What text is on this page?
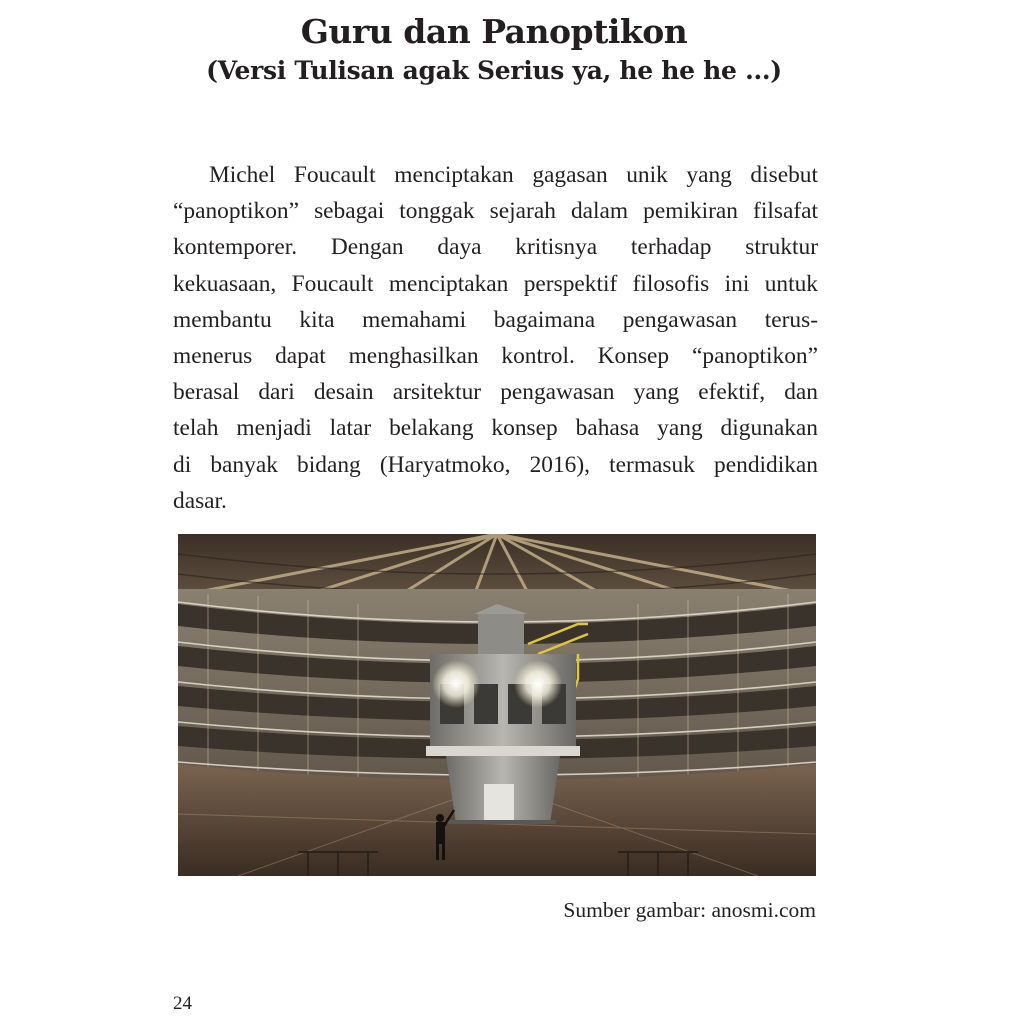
Guru dan Panoptikon
(Versi Tulisan agak Serius ya, he he he ...)
Michel Foucault menciptakan gagasan unik yang disebut
“panoptikon” sebagai tonggak sejarah dalam pemikiran filsafat
kontemporer. Dengan daya kritisnya terhadap struktur
kekuasaan, Foucault menciptakan perspektif filosofis ini untuk
membantu kita memahami bagaimana pengawasan terus-
menerus dapat menghasilkan kontrol. Konsep “panoptikon”
berasal dari desain arsitektur pengawasan yang efektif, dan
telah menjadi latar belakang konsep bahasa yang digunakan
di banyak bidang (Haryatmoko, 2016), termasuk pendidikan
dasar.
Sumber gambar: anosmi.com
24
